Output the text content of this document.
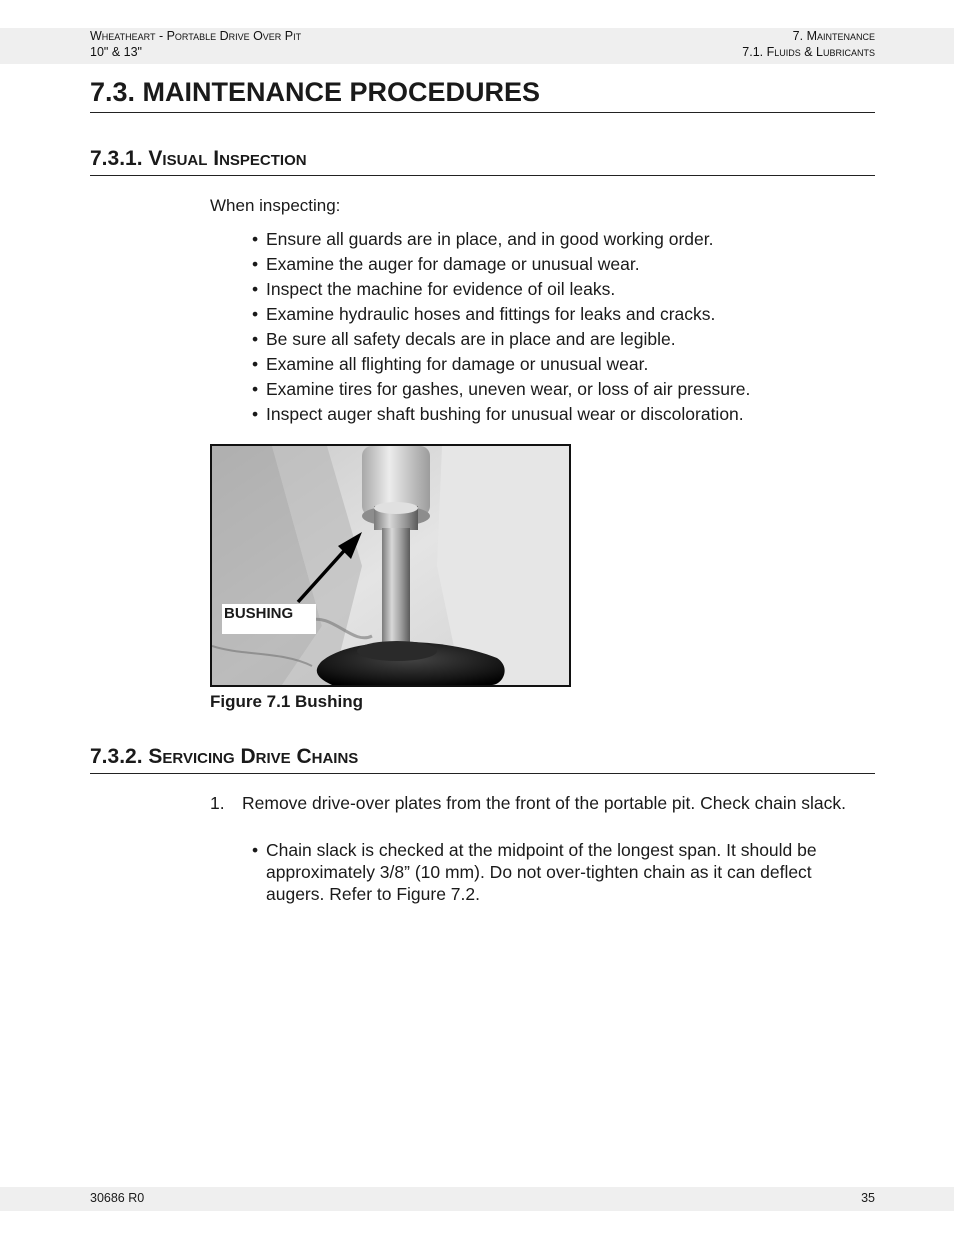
Wheatheart - Portable Drive Over Pit
10" & 13"
7. Maintenance
7.1. Fluids & Lubricants
7.3. MAINTENANCE PROCEDURES
7.3.1. Visual Inspection
When inspecting:
• Ensure all guards are in place, and in good working order.
• Examine the auger for damage or unusual wear.
• Inspect the machine for evidence of oil leaks.
• Examine hydraulic hoses and fittings for leaks and cracks.
• Be sure all safety decals are in place and are legible.
• Examine all flighting for damage or unusual wear.
• Examine tires for gashes, uneven wear, or loss of air pressure.
• Inspect auger shaft bushing for unusual wear or discoloration.
BUSHING
Figure 7.1 Bushing
7.3.2. Servicing Drive Chains
1. Remove drive-over plates from the front of the portable pit. Check chain slack.
• Chain slack is checked at the midpoint of the longest span. It should be approximately 3/8” (10 mm). Do not over-tighten chain as it can deflect augers. Refer to Figure 7.2.
30686 R0	35
